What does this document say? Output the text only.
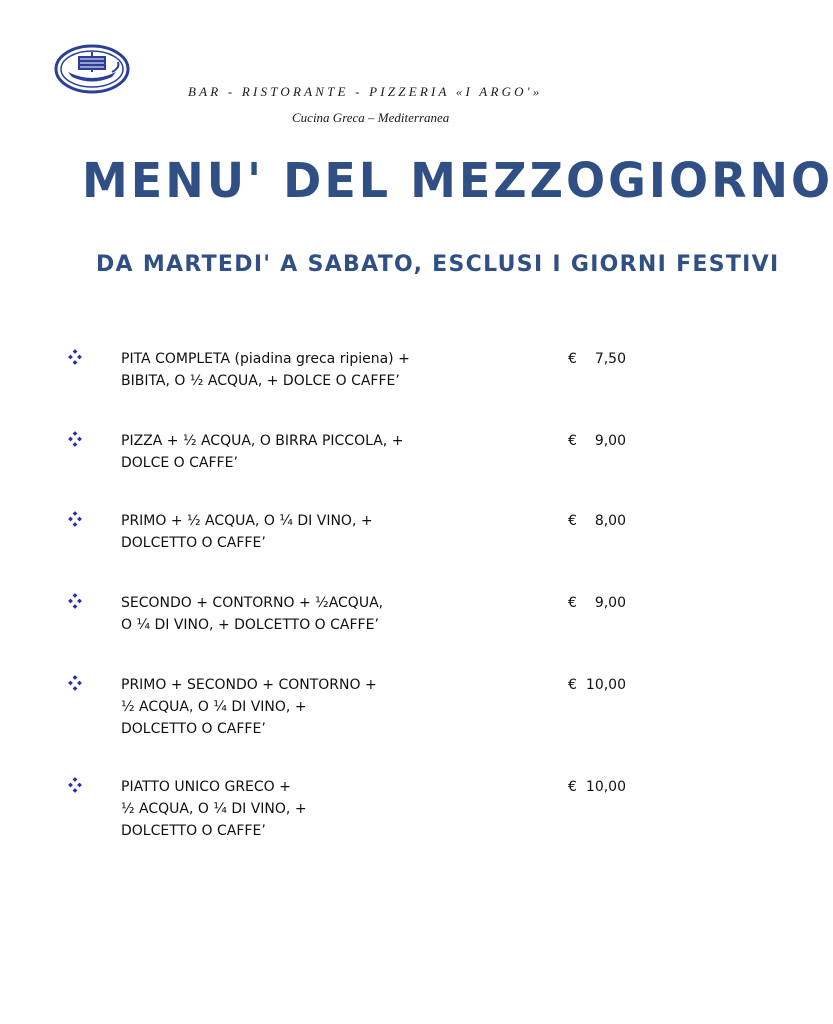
BAR - RISTORANTE - PIZZERIA «I ARGO'»
Cucina Greca – Mediterranea
MENU' DEL MEZZOGIORNO
DA MARTEDI' A SABATO, ESCLUSI I GIORNI FESTIVI
PITA COMPLETA (piadina greca ripiena) +
BIBITA, O ½ ACQUA, + DOLCE O CAFFE’
€ 7,50
PIZZA + ½ ACQUA, O BIRRA PICCOLA, +
DOLCE O CAFFE’
€ 9,00
PRIMO + ½ ACQUA, O ¼ DI VINO, +
DOLCETTO O CAFFE’
€ 8,00
SECONDO + CONTORNO + ½ACQUA,
O ¼ DI VINO, + DOLCETTO O CAFFE’
€ 9,00
PRIMO + SECONDO + CONTORNO +
½ ACQUA, O ¼ DI VINO, +
DOLCETTO O CAFFE’
€ 10,00
PIATTO UNICO GRECO +
½ ACQUA, O ¼ DI VINO, +
DOLCETTO O CAFFE’
€ 10,00
